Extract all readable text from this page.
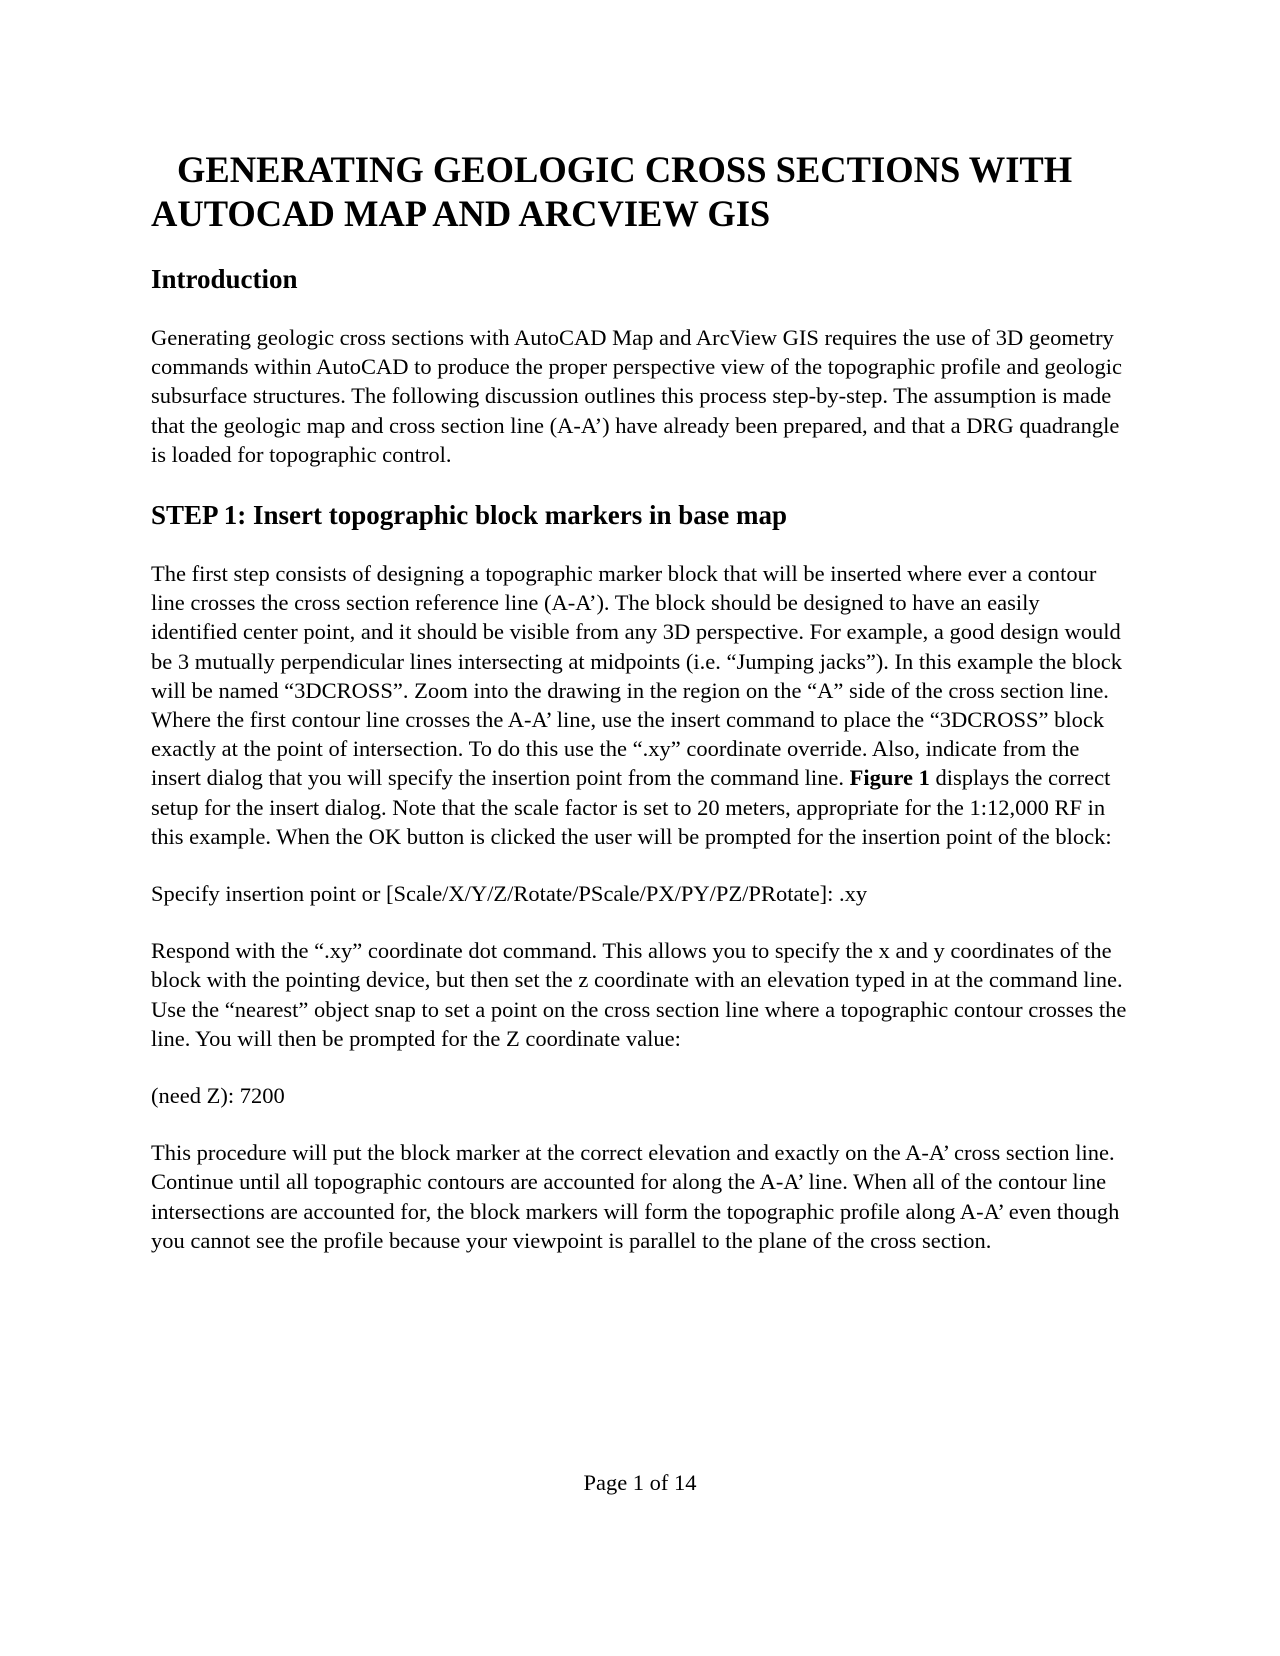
GENERATING GEOLOGIC CROSS SECTIONS WITH
AUTOCAD MAP AND ARCVIEW GIS
Introduction

Generating geologic cross sections with AutoCAD Map and ArcView GIS requires the use of 3D geometry commands within AutoCAD to produce the proper perspective view of the topographic profile and geologic subsurface structures. The following discussion outlines this process step-by-step. The assumption is made that the geologic map and cross section line (A-A’) have already been prepared, and that a DRG quadrangle is loaded for topographic control.

STEP 1: Insert topographic block markers in base map

The first step consists of designing a topographic marker block that will be inserted where ever a contour line crosses the cross section reference line (A-A’). The block should be designed to have an easily identified center point, and it should be visible from any 3D perspective. For example, a good design would be 3 mutually perpendicular lines intersecting at midpoints (i.e. “Jumping jacks”). In this example the block will be named “3DCROSS”. Zoom into the drawing in the region on the “A” side of the cross section line. Where the first contour line crosses the A-A’ line, use the insert command to place the “3DCROSS” block exactly at the point of intersection. To do this use the “.xy” coordinate override. Also, indicate from the insert dialog that you will specify the insertion point from the command line. Figure 1 displays the correct setup for the insert dialog. Note that the scale factor is set to 20 meters, appropriate for the 1:12,000 RF in this example. When the OK button is clicked the user will be prompted for the insertion point of the block:

Specify insertion point or [Scale/X/Y/Z/Rotate/PScale/PX/PY/PZ/PRotate]: .xy

Respond with the “.xy” coordinate dot command. This allows you to specify the x and y coordinates of the block with the pointing device, but then set the z coordinate with an elevation typed in at the command line. Use the “nearest” object snap to set a point on the cross section line where a topographic contour crosses the line. You will then be prompted for the Z coordinate value:

(need Z): 7200

This procedure will put the block marker at the correct elevation and exactly on the A-A’ cross section line. Continue until all topographic contours are accounted for along the A-A’ line. When all of the contour line intersections are accounted for, the block markers will form the topographic profile along A-A’ even though you cannot see the profile because your viewpoint is parallel to the plane of the cross section.

Page 1 of 14
